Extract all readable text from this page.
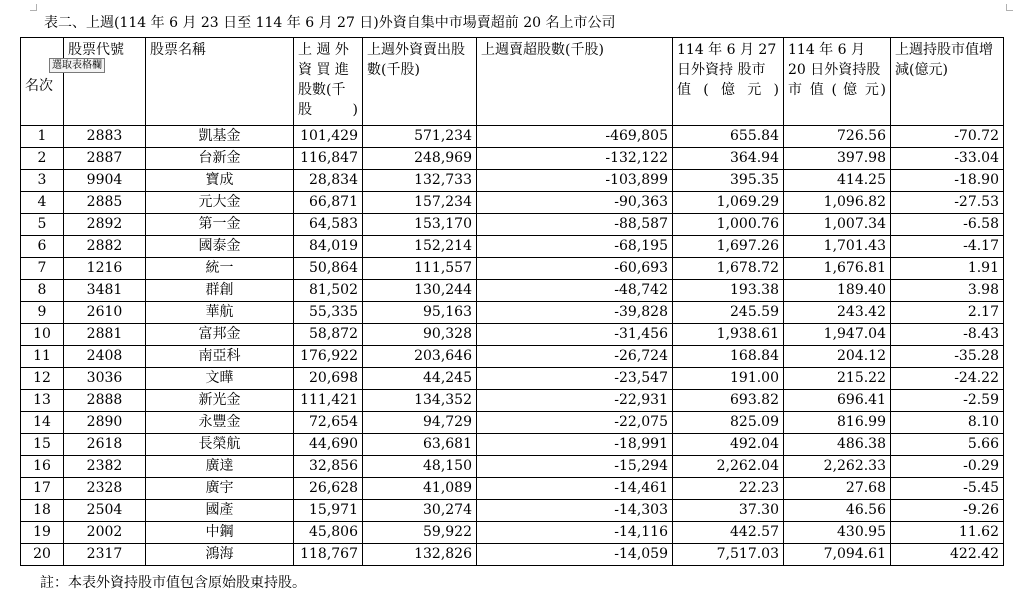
表二、上週(114 年 6 月 23 日至 114 年 6 月 27 日)外資自集中市場賣超前 20 名上市公司
選取表格欄
名次	股票代號	股票名稱	上 週 外 資 買 進 股數(千 股)	上週外資賣出股數(千股)	上週賣超股數(千股)	114 年 6 月 27 日外資持 股市值(億元)	114 年 6 月 20 日外資持股 市 值 ( 億 元)	上週持股市值增減(億元)
1	2883	凱基金	101,429	571,234	-469,805	655.84	726.56	-70.72
2	2887	台新金	116,847	248,969	-132,122	364.94	397.98	-33.04
3	9904	寶成	28,834	132,733	-103,899	395.35	414.25	-18.90
4	2885	元大金	66,871	157,234	-90,363	1,069.29	1,096.82	-27.53
5	2892	第一金	64,583	153,170	-88,587	1,000.76	1,007.34	-6.58
6	2882	國泰金	84,019	152,214	-68,195	1,697.26	1,701.43	-4.17
7	1216	統一	50,864	111,557	-60,693	1,678.72	1,676.81	1.91
8	3481	群創	81,502	130,244	-48,742	193.38	189.40	3.98
9	2610	華航	55,335	95,163	-39,828	245.59	243.42	2.17
10	2881	富邦金	58,872	90,328	-31,456	1,938.61	1,947.04	-8.43
11	2408	南亞科	176,922	203,646	-26,724	168.84	204.12	-35.28
12	3036	文曄	20,698	44,245	-23,547	191.00	215.22	-24.22
13	2888	新光金	111,421	134,352	-22,931	693.82	696.41	-2.59
14	2890	永豐金	72,654	94,729	-22,075	825.09	816.99	8.10
15	2618	長榮航	44,690	63,681	-18,991	492.04	486.38	5.66
16	2382	廣達	32,856	48,150	-15,294	2,262.04	2,262.33	-0.29
17	2328	廣宇	26,628	41,089	-14,461	22.23	27.68	-5.45
18	2504	國產	15,971	30,274	-14,303	37.30	46.56	-9.26
19	2002	中鋼	45,806	59,922	-14,116	442.57	430.95	11.62
20	2317	鴻海	118,767	132,826	-14,059	7,517.03	7,094.61	422.42
註：本表外資持股市值包含原始股東持股。
